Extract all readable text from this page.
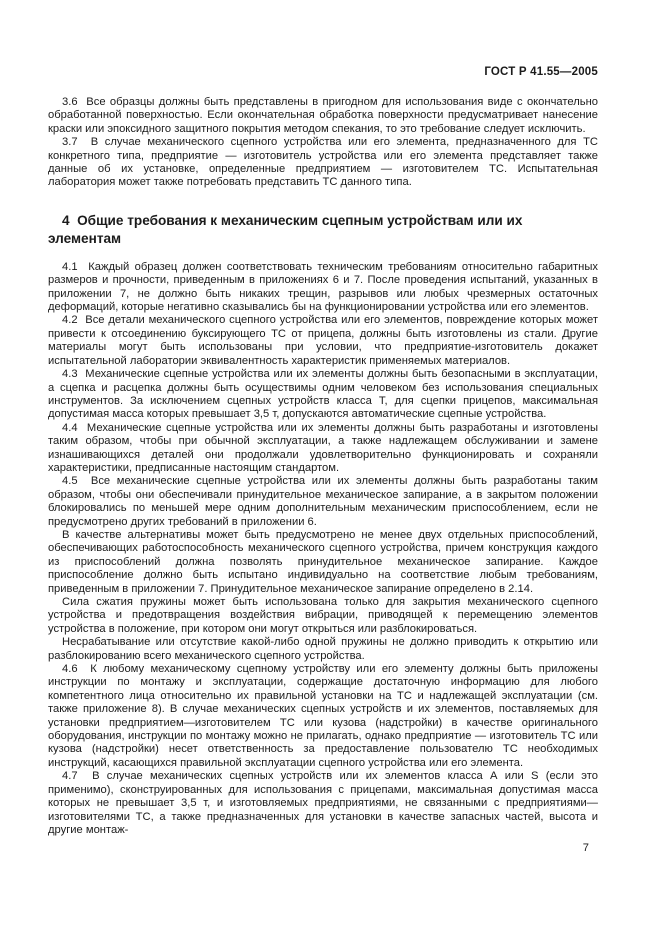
ГОСТ Р 41.55—2005

3.6  Все образцы должны быть представлены в пригодном для использования виде с окончательно обработанной поверхностью. Если окончательная обработка поверхности предусматривает нанесение краски или эпоксидного защитного покрытия методом спекания, то это требование следует исключить.

3.7  В случае механического сцепного устройства или его элемента, предназначенного для ТС конкретного типа, предприятие — изготовитель устройства или его элемента представляет также данные об их установке, определенные предприятием — изготовителем ТС. Испытательная лаборатория может также потребовать представить ТС данного типа.

4  Общие требования к механическим сцепным устройствам или их элементам

4.1  Каждый образец должен соответствовать техническим требованиям относительно габаритных размеров и прочности, приведенным в приложениях 6 и 7. После проведения испытаний, указанных в приложении 7, не должно быть никаких трещин, разрывов или любых чрезмерных остаточных деформаций, которые негативно сказывались бы на функционировании устройства или его элементов.

4.2  Все детали механического сцепного устройства или его элементов, повреждение которых может привести к отсоединению буксирующего ТС от прицепа, должны быть изготовлены из стали. Другие материалы могут быть использованы при условии, что предприятие-изготовитель докажет испытательной лаборатории эквивалентность характеристик применяемых материалов.

4.3  Механические сцепные устройства или их элементы должны быть безопасными в эксплуатации, а сцепка и расцепка должны быть осуществимы одним человеком без использования специальных инструментов. За исключением сцепных устройств класса Т, для сцепки прицепов, максимальная допустимая масса которых превышает 3,5 т, допускаются автоматические сцепные устройства.

4.4  Механические сцепные устройства или их элементы должны быть разработаны и изготовлены таким образом, чтобы при обычной эксплуатации, а также надлежащем обслуживании и замене изнашивающихся деталей они продолжали удовлетворительно функционировать и сохраняли характеристики, предписанные настоящим стандартом.

4.5  Все механические сцепные устройства или их элементы должны быть разработаны таким образом, чтобы они обеспечивали принудительное механическое запирание, а в закрытом положении блокировались по меньшей мере одним дополнительным механическим приспособлением, если не предусмотрено других требований в приложении 6.

В качестве альтернативы может быть предусмотрено не менее двух отдельных приспособлений, обеспечивающих работоспособность механического сцепного устройства, причем конструкция каждого из приспособлений должна позволять принудительное механическое запирание. Каждое приспособление должно быть испытано индивидуально на соответствие любым требованиям, приведенным в приложении 7. Принудительное механическое запирание определено в 2.14.

Сила сжатия пружины может быть использована только для закрытия механического сцепного устройства и предотвращения воздействия вибрации, приводящей к перемещению элементов устройства в положение, при котором они могут открыться или разблокироваться.

Несрабатывание или отсутствие какой-либо одной пружины не должно приводить к открытию или разблокированию всего механического сцепного устройства.

4.6  К любому механическому сцепному устройству или его элементу должны быть приложены инструкции по монтажу и эксплуатации, содержащие достаточную информацию для любого компетентного лица относительно их правильной установки на ТС и надлежащей эксплуатации (см. также приложение 8). В случае механических сцепных устройств и их элементов, поставляемых для установки предприятием—изготовителем ТС или кузова (надстройки) в качестве оригинального оборудования, инструкции по монтажу можно не прилагать, однако предприятие — изготовитель ТС или кузова (надстройки) несет ответственность за предоставление пользователю ТС необходимых инструкций, касающихся правильной эксплуатации сцепного устройства или его элемента.

4.7  В случае механических сцепных устройств или их элементов класса А или S (если это применимо), сконструированных для использования с прицепами, максимальная допустимая масса которых не превышает 3,5 т, и изготовляемых предприятиями, не связанными с предприятиями—изготовителями ТС, а также предназначенных для установки в качестве запасных частей, высота и другие монтаж-

7
